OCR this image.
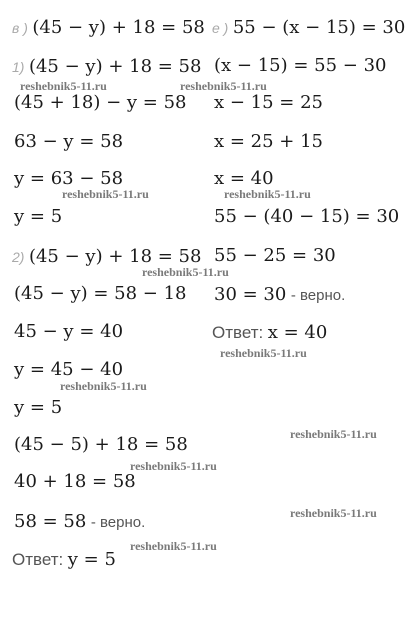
в ) (45 − y) + 18 = 58
1) (45 − y) + 18 = 58
(45 + 18) − y = 58
63 − y = 58
y = 63 − 58
y = 5
2) (45 − y) + 18 = 58
(45 − y) = 58 − 18
45 − y = 40
y = 45 − 40
y = 5
(45 − 5) + 18 = 58
40 + 18 = 58
58 = 58 - верно.
Ответ: y = 5
е ) 55 − (x − 15) = 30
(x − 15) = 55 − 30
x − 15 = 25
x = 25 + 15
x = 40
55 − (40 − 15) = 30
55 − 25 = 30
30 = 30 - верно.
Ответ: x = 40
reshebnik5-11.ru	reshebnik5-11.ru
reshebnik5-11.ru	reshebnik5-11.ru
reshebnik5-11.ru
reshebnik5-11.ru
reshebnik5-11.ru
reshebnik5-11.ru
reshebnik5-11.ru
reshebnik5-11.ru
reshebnik5-11.ru
